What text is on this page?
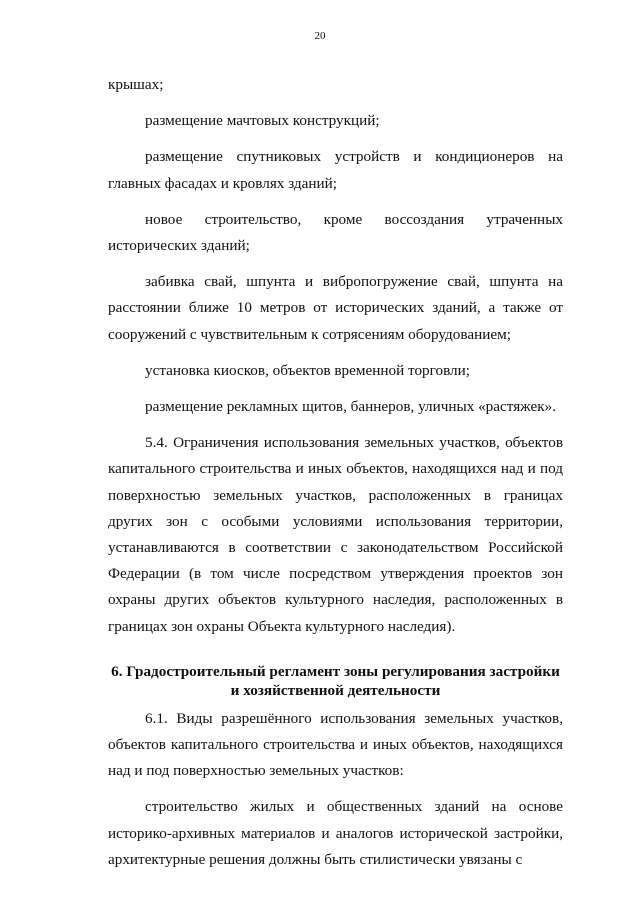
20

крышах;

размещение мачтовых конструкций;

размещение спутниковых устройств и кондиционеров на главных фасадах и кровлях зданий;

новое строительство, кроме воссоздания утраченных исторических зданий;

забивка свай, шпунта и вибропогружение свай, шпунта на расстоянии ближе 10 метров от исторических зданий, а также от сооружений с чувствительным к сотрясениям оборудованием;

установка киосков, объектов временной торговли;

размещение рекламных щитов, баннеров, уличных «растяжек».

5.4. Ограничения использования земельных участков, объектов капитального строительства и иных объектов, находящихся над и под поверхностью земельных участков, расположенных в границах других зон с особыми условиями использования территории, устанавливаются в соответствии с законодательством Российской Федерации (в том числе посредством утверждения проектов зон охраны других объектов культурного наследия, расположенных в границах зон охраны Объекта культурного наследия).

6. Градостроительный регламент зоны регулирования застройки
и хозяйственной деятельности

6.1. Виды разрешённого использования земельных участков, объектов капитального строительства и иных объектов, находящихся над и под поверхностью земельных участков:

строительство жилых и общественных зданий на основе историко-архивных материалов и аналогов исторической застройки, архитектурные решения должны быть стилистически увязаны с
